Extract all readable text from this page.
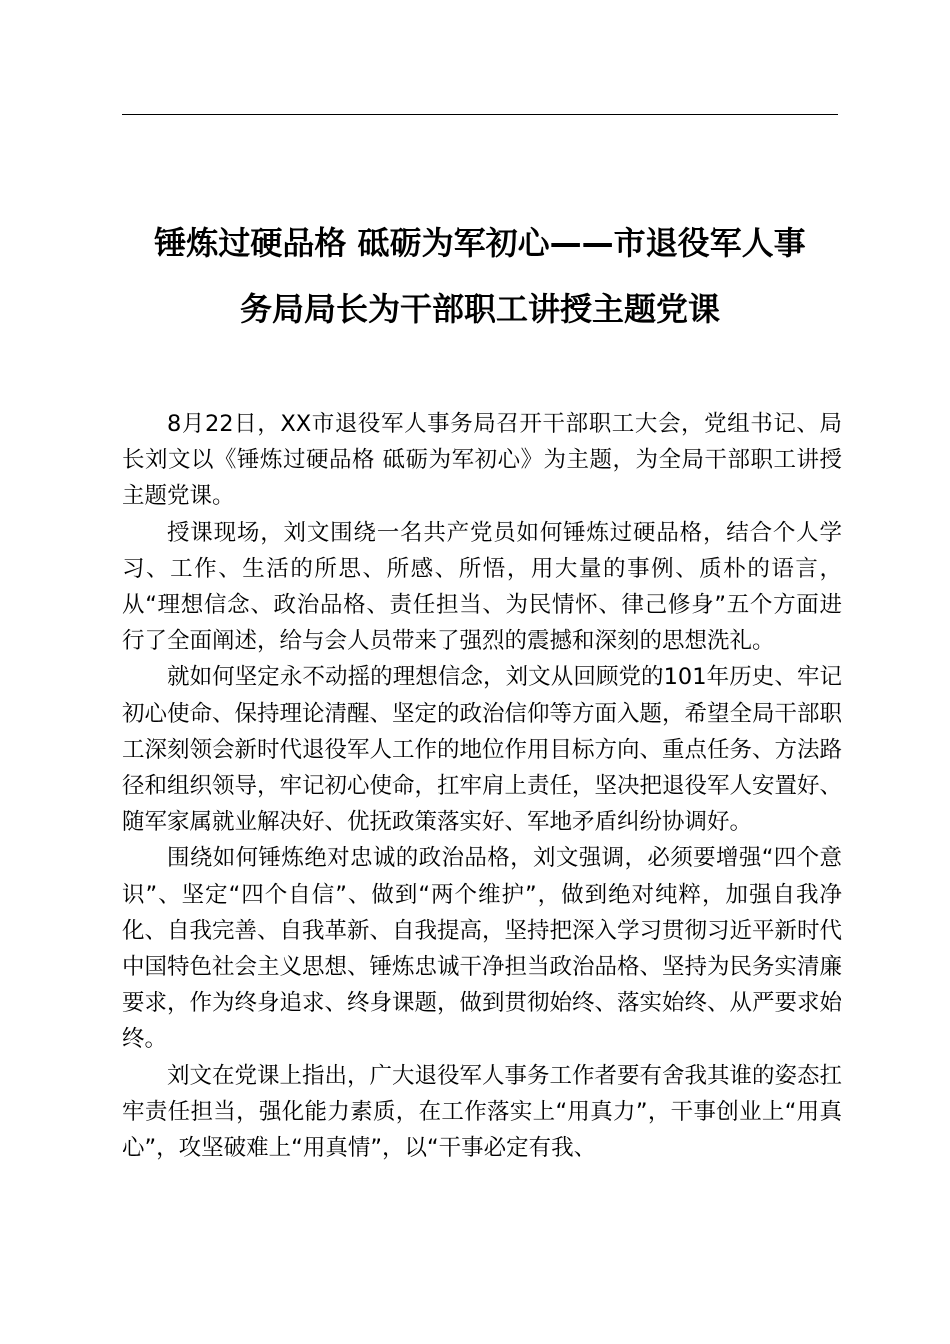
锤炼过硬品格 砥砺为军初心——市退役军人事
务局局长为干部职工讲授主题党课

8月22日，XX市退役军人事务局召开干部职工大会，党组书记、局长刘文以《锤炼过硬品格 砥砺为军初心》为主题，为全局干部职工讲授主题党课。

授课现场，刘文围绕一名共产党员如何锤炼过硬品格，结合个人学习、工作、生活的所思、所感、所悟，用大量的事例、质朴的语言，从“理想信念、政治品格、责任担当、为民情怀、律己修身”五个方面进行了全面阐述，给与会人员带来了强烈的震撼和深刻的思想洗礼。

就如何坚定永不动摇的理想信念，刘文从回顾党的101年历史、牢记初心使命、保持理论清醒、坚定的政治信仰等方面入题，希望全局干部职工深刻领会新时代退役军人工作的地位作用目标方向、重点任务、方法路径和组织领导，牢记初心使命，扛牢肩上责任，坚决把退役军人安置好、随军家属就业解决好、优抚政策落实好、军地矛盾纠纷协调好。

围绕如何锤炼绝对忠诚的政治品格，刘文强调，必须要增强“四个意识”、坚定“四个自信”、做到“两个维护”，做到绝对纯粹，加强自我净化、自我完善、自我革新、自我提高，坚持把深入学习贯彻习近平新时代中国特色社会主义思想、锤炼忠诚干净担当政治品格、坚持为民务实清廉要求，作为终身追求、终身课题，做到贯彻始终、落实始终、从严要求始终。

刘文在党课上指出，广大退役军人事务工作者要有舍我其谁的姿态扛牢责任担当，强化能力素质，在工作落实上“用真力”，干事创业上“用真心”，攻坚破难上“用真情”，以“干事必定有我、
